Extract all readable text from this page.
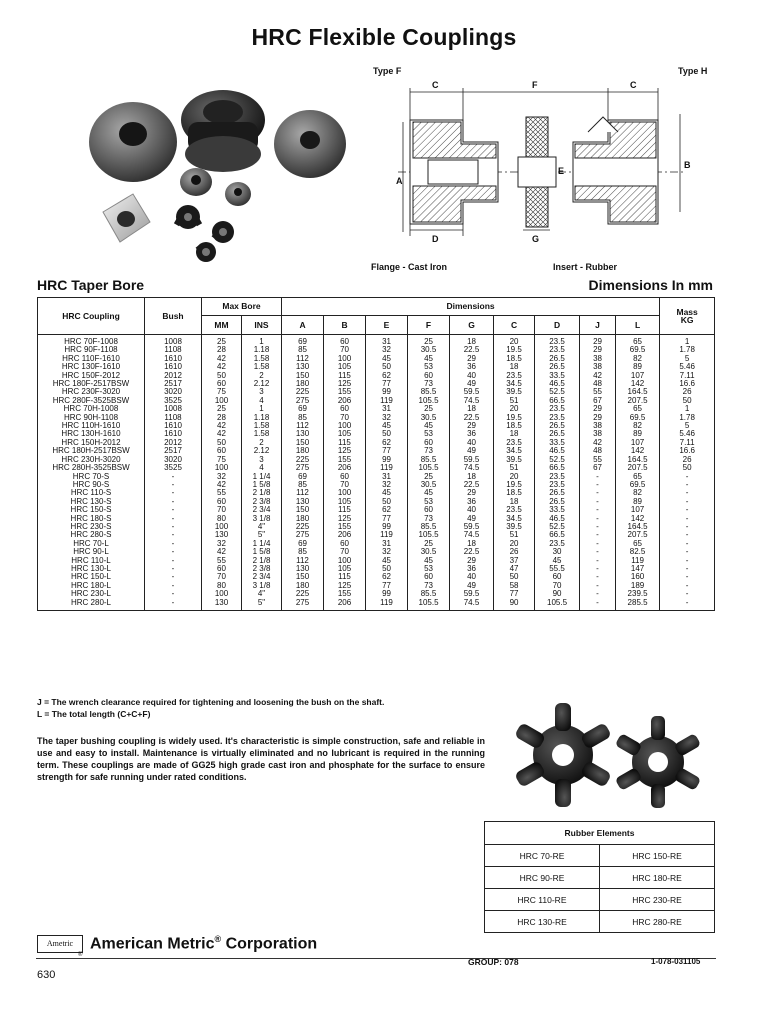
HRC Flexible Couplings
Type F	Type H
C	F	C
A
E
B
D	G
Flange - Cast Iron	Insert - Rubber
HRC Taper Bore	Dimensions In mm
HRC Coupling	Bush	Max Bore		Dimensions									Mass
KG
		MM	INS	A	B	E	F	G	C	D	J	L	
HRC 70F-1008	1008	25	1	69	60	31	25	18	20	23.5	29	65	1
HRC 90F-1108	1108	28	1.18	85	70	32	30.5	22.5	19.5	23.5	29	69.5	1.78
HRC 110F-1610	1610	42	1.58	112	100	45	45	29	18.5	26.5	38	82	5
HRC 130F-1610	1610	42	1.58	130	105	50	53	36	18	26.5	38	89	5.46
HRC 150F-2012	2012	50	2	150	115	62	60	40	23.5	33.5	42	107	7.11
HRC 180F-2517BSW	2517	60	2.12	180	125	77	73	49	34.5	46.5	48	142	16.6
HRC 230F-3020	3020	75	3	225	155	99	85.5	59.5	39.5	52.5	55	164.5	26
HRC 280F-3525BSW	3525	100	4	275	206	119	105.5	74.5	51	66.5	67	207.5	50
HRC 70H-1008	1008	25	1	69	60	31	25	18	20	23.5	29	65	1
HRC 90H-1108	1108	28	1.18	85	70	32	30.5	22.5	19.5	23.5	29	69.5	1.78
HRC 110H-1610	1610	42	1.58	112	100	45	45	29	18.5	26.5	38	82	5
HRC 130H-1610	1610	42	1.58	130	105	50	53	36	18	26.5	38	89	5.46
HRC 150H-2012	2012	50	2	150	115	62	60	40	23.5	33.5	42	107	7.11
HRC 180H-2517BSW	2517	60	2.12	180	125	77	73	49	34.5	46.5	48	142	16.6
HRC 230H-3020	3020	75	3	225	155	99	85.5	59.5	39.5	52.5	55	164.5	26
HRC 280H-3525BSW	3525	100	4	275	206	119	105.5	74.5	51	66.5	67	207.5	50
HRC 70-S	-	32	1 1/4	69	60	31	25	18	20	23.5	-	65	-
HRC 90-S	-	42	1 5/8	85	70	32	30.5	22.5	19.5	23.5	-	69.5	-
HRC 110-S	-	55	2 1/8	112	100	45	45	29	18.5	26.5	-	82	-
HRC 130-S	-	60	2 3/8	130	105	50	53	36	18	26.5	-	89	-
HRC 150-S	-	70	2 3/4	150	115	62	60	40	23.5	33.5	-	107	-
HRC 180-S	-	80	3 1/8	180	125	77	73	49	34.5	46.5	-	142	-
HRC 230-S	-	100	4"	225	155	99	85.5	59.5	39.5	52.5	-	164.5	-
HRC 280-S	-	130	5"	275	206	119	105.5	74.5	51	66.5	-	207.5	-
HRC 70-L	-	32	1 1/4	69	60	31	25	18	20	23.5	-	65	-
HRC 90-L	-	42	1 5/8	85	70	32	30.5	22.5	26	30	-	82.5	-
HRC 110-L	-	55	2 1/8	112	100	45	45	29	37	45	-	119	-
HRC 130-L	-	60	2 3/8	130	105	50	53	36	47	55.5	-	147	-
HRC 150-L	-	70	2 3/4	150	115	62	60	40	50	60	-	160	-
HRC 180-L	-	80	3 1/8	180	125	77	73	49	58	70	-	189	-
HRC 230-L	-	100	4"	225	155	99	85.5	59.5	77	90	-	239.5	-
HRC 280-L	-	130	5"	275	206	119	105.5	74.5	90	105.5	-	285.5	-
J = The wrench clearance required for tightening and loosening the bush on the shaft.
L = The total length (C+C+F)
The taper bushing coupling is widely used. It's characteristic is simple construction, safe and reliable in use and easy to install. Maintenance is virtually eliminated and no lubricant is required in the running term. These couplings are made of GG25 high grade cast iron and phosphate for the surface to ensure strength for safe running under rated conditions.
Rubber Elements	
HRC 70-RE	HRC 150-RE
HRC 90-RE	HRC 180-RE
HRC 110-RE	HRC 230-RE
HRC 130-RE	HRC 280-RE
Ametric
®
American Metric® Corporation
GROUP: 078	1-078-031105
630
